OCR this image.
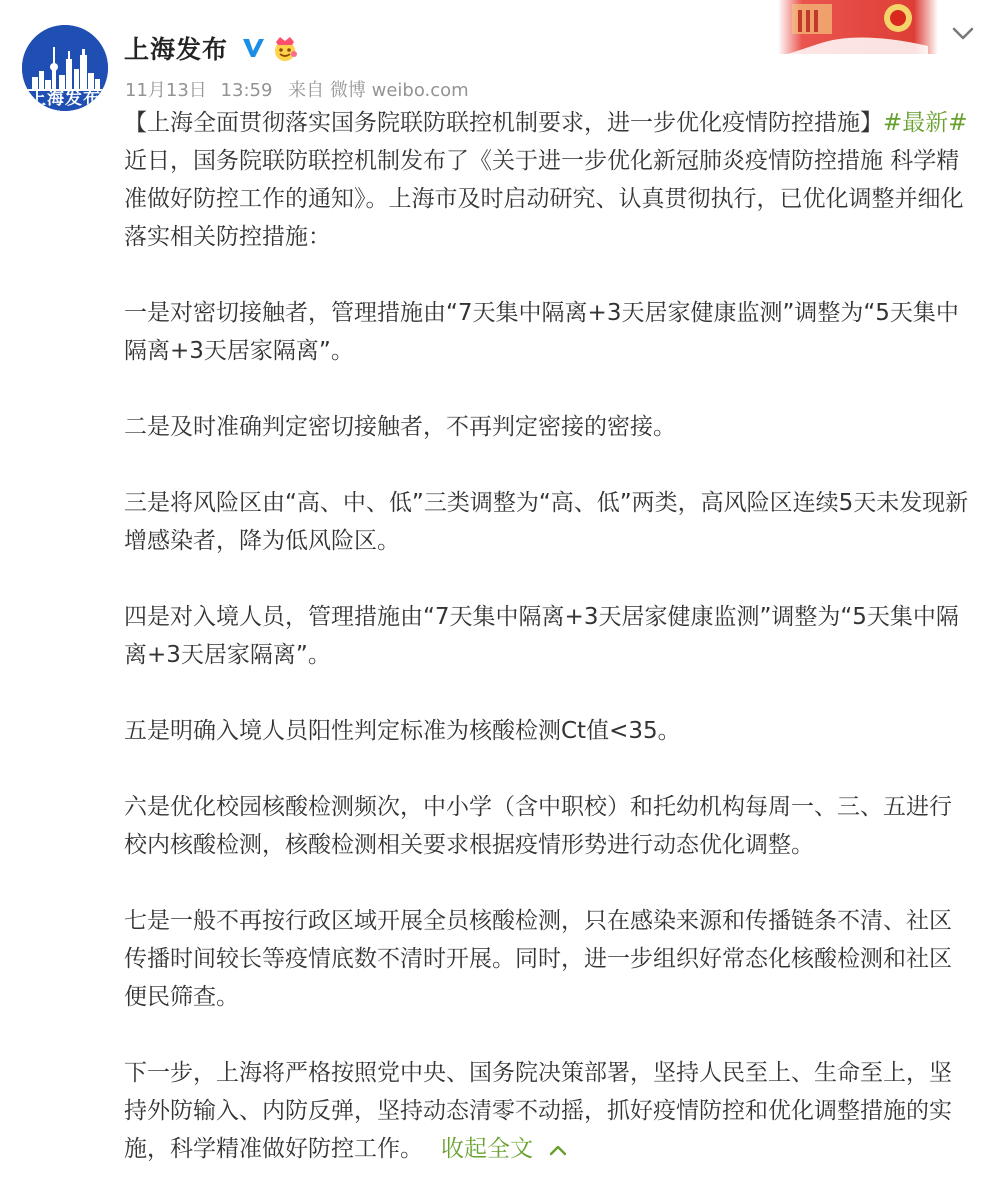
上海发布
上海发布
11月13日 13:59 来自 微博 weibo.com

【上海全面贯彻落实国务院联防联控机制要求，进一步优化疫情防控措施】#最新# 近日，国务院联防联控机制发布了《关于进一步优化新冠肺炎疫情防控措施 科学精准做好防控工作的通知》。上海市及时启动研究、认真贯彻执行，已优化调整并细化落实相关防控措施：

一是对密切接触者，管理措施由“7天集中隔离+3天居家健康监测”调整为“5天集中隔离+3天居家隔离”。

二是及时准确判定密切接触者，不再判定密接的密接。

三是将风险区由“高、中、低”三类调整为“高、低”两类，高风险区连续5天未发现新增感染者，降为低风险区。

四是对入境人员，管理措施由“7天集中隔离+3天居家健康监测”调整为“5天集中隔离+3天居家隔离”。

五是明确入境人员阳性判定标准为核酸检测Ct值<35。

六是优化校园核酸检测频次，中小学（含中职校）和托幼机构每周一、三、五进行校内核酸检测，核酸检测相关要求根据疫情形势进行动态优化调整。

七是一般不再按行政区域开展全员核酸检测，只在感染来源和传播链条不清、社区传播时间较长等疫情底数不清时开展。同时，进一步组织好常态化核酸检测和社区便民筛查。

下一步，上海将严格按照党中央、国务院决策部署，坚持人民至上、生命至上，坚持外防输入、内防反弹，坚持动态清零不动摇，抓好疫情防控和优化调整措施的实施，科学精准做好防控工作。 收起全文
